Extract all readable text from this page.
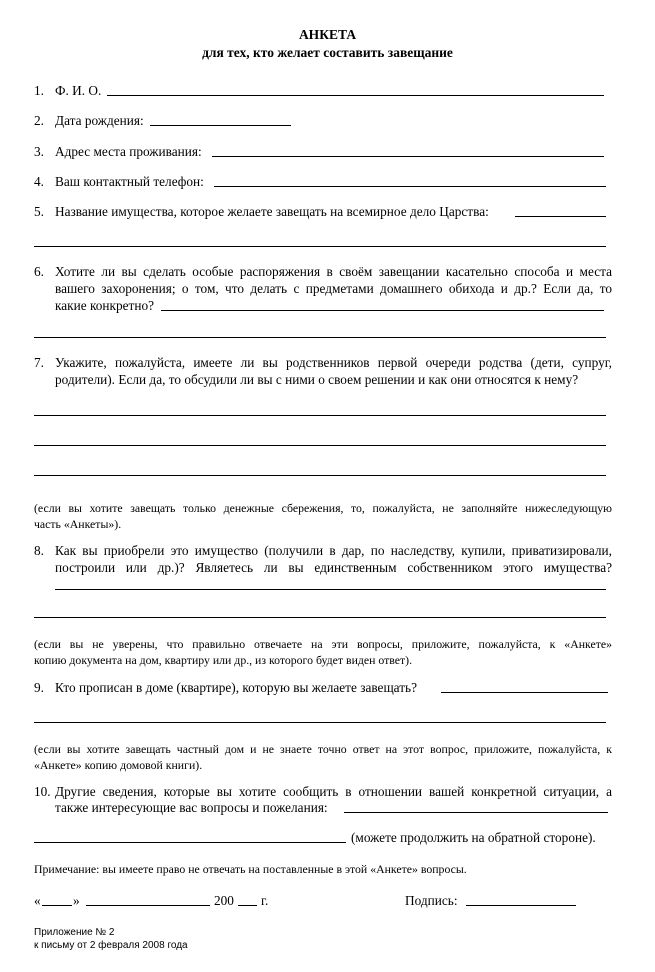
АНКЕТА
для тех, кто желает составить завещание
1. Ф. И. О.
2. Дата рождения:
3. Адрес места проживания:
4. Ваш контактный телефон:
5. Название имущества, которое желаете завещать на всемирное дело Царства:
6. Хотите ли вы сделать особые распоряжения в своём завещании касательно способа и места
вашего захоронения; о том, что делать с предметами домашнего обихода и др.? Если да, то
какие конкретно?
7. Укажите, пожалуйста, имеете ли вы родственников первой очереди родства (дети, супруг,
родители). Если да, то обсудили ли вы с ними о своем решении и как они относятся к нему?
(если вы хотите завещать только денежные сбережения, то, пожалуйста, не заполняйте нижеследующую
часть «Анкеты»).
8. Как вы приобрели это имущество (получили в дар, по наследству, купили, приватизировали,
построили или др.)? Являетесь ли вы единственным собственником этого имущества?
(если вы не уверены, что правильно отвечаете на эти вопросы, приложите, пожалуйста, к «Анкете»
копию документа на дом, квартиру или др., из которого будет виден ответ).
9. Кто прописан в доме (квартире), которую вы желаете завещать?
(если вы хотите завещать частный дом и не знаете точно ответ на этот вопрос, приложите, пожалуйста, к
«Анкете» копию домовой книги).
10. Другие сведения, которые вы хотите сообщить в отношении вашей конкретной ситуации, а
также интересующие вас вопросы и пожелания:
(можете продолжить на обратной стороне).
Примечание: вы имеете право не отвечать на поставленные в этой «Анкете» вопросы.
« »	200 г.	Подпись:
Приложение № 2
к письму от 2 февраля 2008 года
